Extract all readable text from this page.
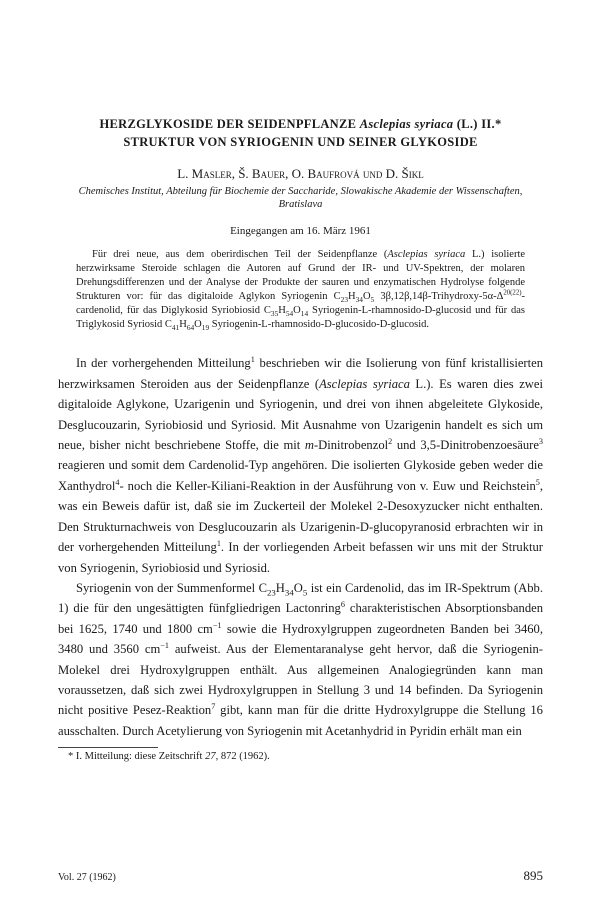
HERZGLYKOSIDE DER SEIDENPFLANZE Asclepias syriaca (L.) II.*
STRUKTUR VON SYRIOGENIN UND SEINER GLYKOSIDE
L. Masler, Š. Bauer, O. Baufrová und D. Šikl
Chemisches Institut, Abteilung für Biochemie der Saccharide, Slowakische Akademie der Wissenschaften, Bratislava
Eingegangen am 16. März 1961
Für drei neue, aus dem oberirdischen Teil der Seidenpflanze (Asclepias syriaca L.) isolierte herzwirksame Steroide schlagen die Autoren auf Grund der IR- und UV-Spektren, der molaren Drehungsdifferenzen und der Analyse der Produkte der sauren und enzymatischen Hydrolyse folgende Strukturen vor: für das digitaloide Aglykon Syriogenin $C_{23}H_{34}O_5$ $3\beta,12\beta,14\beta-Trihydroxy-5\alpha-\Delta^{20(22)}$-cardenolid, für das Diglykosid Syriobiosid $C_{35}H_{54}O_{14}$ Syriogenin-L-rhamnosido-D-glucosid und für das Triglykosid Syriosid $C_{41}H_{64}O_{19}$ Syriogenin-L-rhamnosido-D-glucosido-D-glucosid.

In der vorhergehenden Mitteilung$^1$ beschrieben wir die Isolierung von fünf kristallisierten herzwirksamen Steroiden aus der Seidenpflanze (Asclepias syriaca L.). Es waren dies zwei digitaloide Aglykone, Uzarigenin und Syriogenin, und drei von ihnen abgeleitete Glykoside, Desglucouzarin, Syriobiosid und Syriosid. Mit Ausnahme von Uzarigenin handelt es sich um neue, bisher nicht beschriebene Stoffe, die mit m-Dinitrobenzol$^2$ und 3,5-Dinitrobenzoesäure$^3$ reagieren und somit dem Cardenolid-Typ angehören. Die isolierten Glykoside geben weder die Xanthydrol$^4$- noch die Keller-Kiliani-Reaktion in der Ausführung von v. Euw und Reichstein$^5$, was ein Beweis dafür ist, daß sie im Zuckerteil der Molekel 2-Desoxyzucker nicht enthalten. Den Strukturnachweis von Desglucouzarin als Uzarigenin-D-glucopyranosid erbrachten wir in der vorhergehenden Mitteilung$^1$. In der vorliegenden Arbeit befassen wir uns mit der Struktur von Syriogenin, Syriobiosid und Syriosid.

Syriogenin von der Summenformel $C_{23}H_{34}O_5$ ist ein Cardenolid, das im IR-Spektrum (Abb. 1) die für den ungesättigten fünfgliedrigen Lactonring$^6$ charakteristischen Absorptionsbanden bei 1625, 1740 und 1800 $cm^{-1}$ sowie die Hydroxylgruppen zugeordneten Banden bei 3460, 3480 und 3560 $cm^{-1}$ aufweist. Aus der Elementaranalyse geht hervor, daß die Syriogenin-Molekel drei Hydroxylgruppen enthält. Aus allgemeinen Analogiegründen kann man voraussetzen, daß sich zwei Hydroxylgruppen in Stellung 3 und 14 befinden. Da Syriogenin nicht positive Pesez-Reaktion$^7$ gibt, kann man für die dritte Hydroxylgruppe die Stellung 16 ausschalten. Durch Acetylierung von Syriogenin mit Acetanhydrid in Pyridin erhält man ein

* I. Mitteilung: diese Zeitschrift 27, 872 (1962).
Vol. 27 (1962)	895
